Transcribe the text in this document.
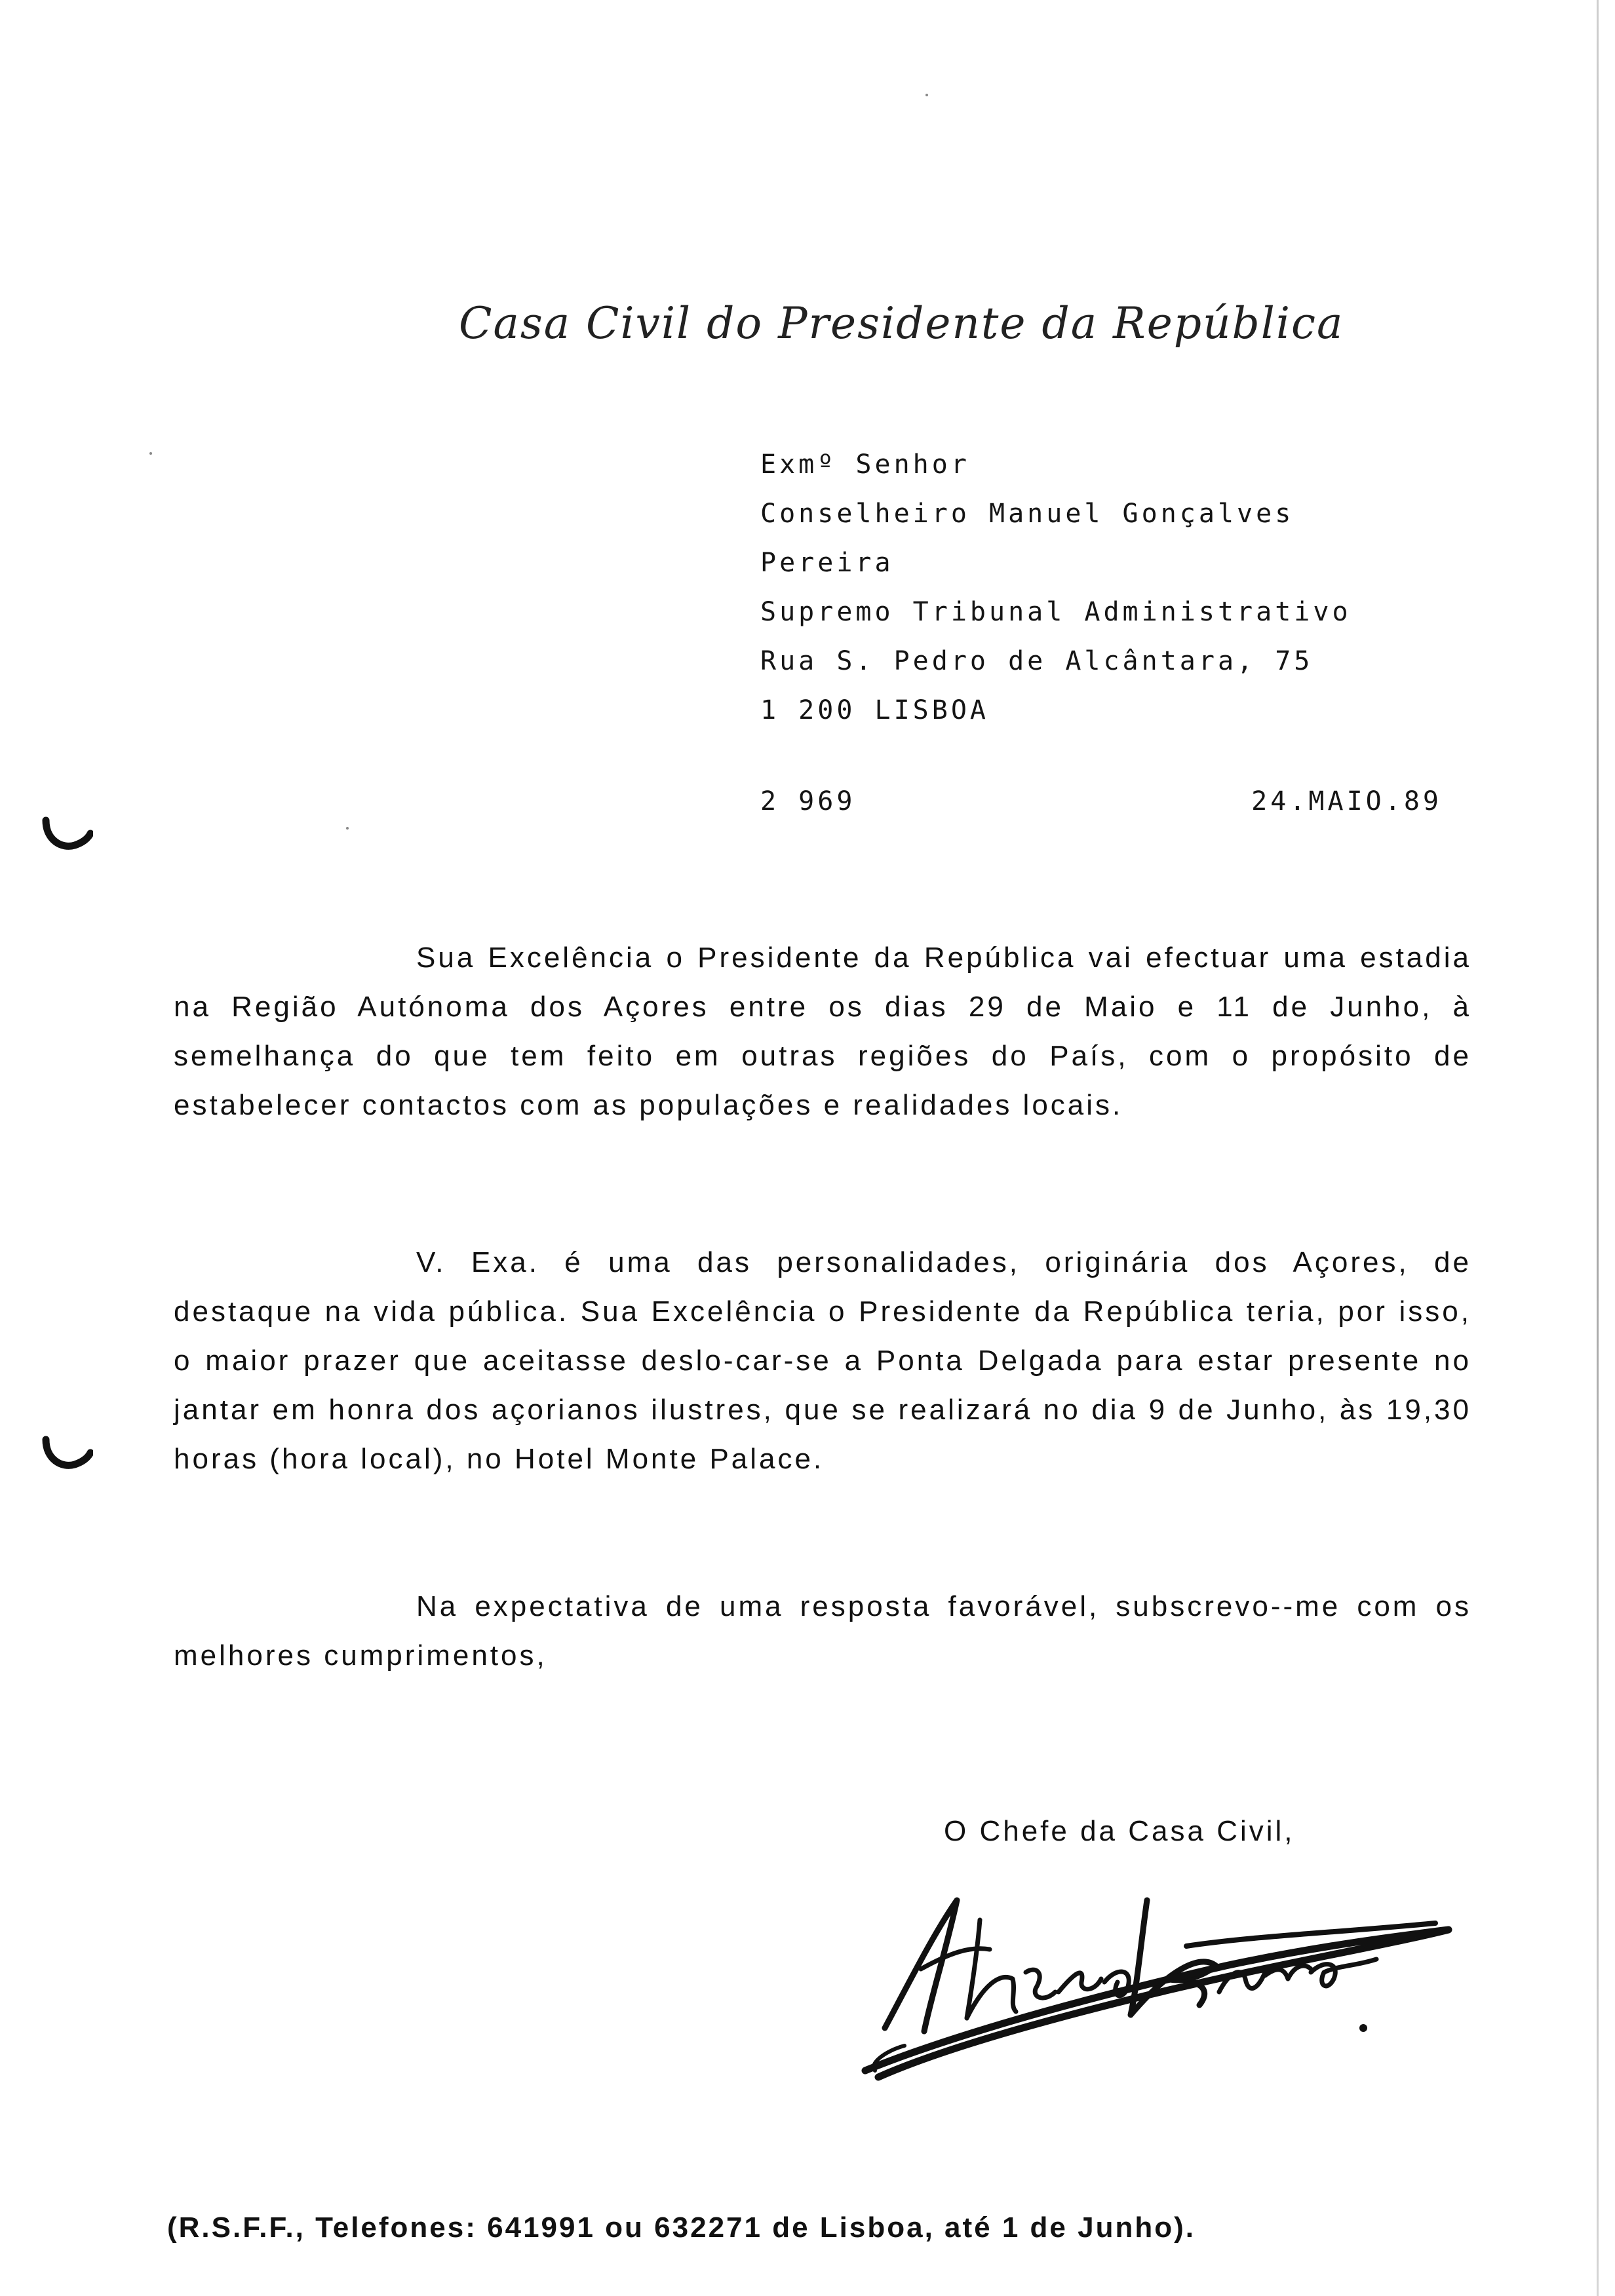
Casa Civil do Presidente da República
Exmº Senhor
Conselheiro Manuel Gonçalves
Pereira
Supremo Tribunal Administrativo
Rua S. Pedro de Alcântara, 75
1 200 LISBOA
2 969	24.MAIO.89

Sua Excelência o Presidente da República vai efectuar uma estadia na Região Autónoma dos Açores entre os dias 29 de Maio e 11 de Junho, à semelhança do que tem feito em outras regiões do País, com o propósito de estabelecer contactos com as populações e realidades locais.

V. Exa. é uma das personalidades, originária dos Açores, de destaque na vida pública. Sua Excelência o Presidente da República teria, por isso, o maior prazer que aceitasse deslo-car-se a Ponta Delgada para estar presente no jantar em honra dos açorianos ilustres, que se realizará no dia 9 de Junho, às 19,30 horas (hora local), no Hotel Monte Palace.

Na expectativa de uma resposta favorável, subscrevo--me com os melhores cumprimentos,

O Chefe da Casa Civil,
(R.S.F.F., Telefones: 641991 ou 632271 de Lisboa, até 1 de Junho).
